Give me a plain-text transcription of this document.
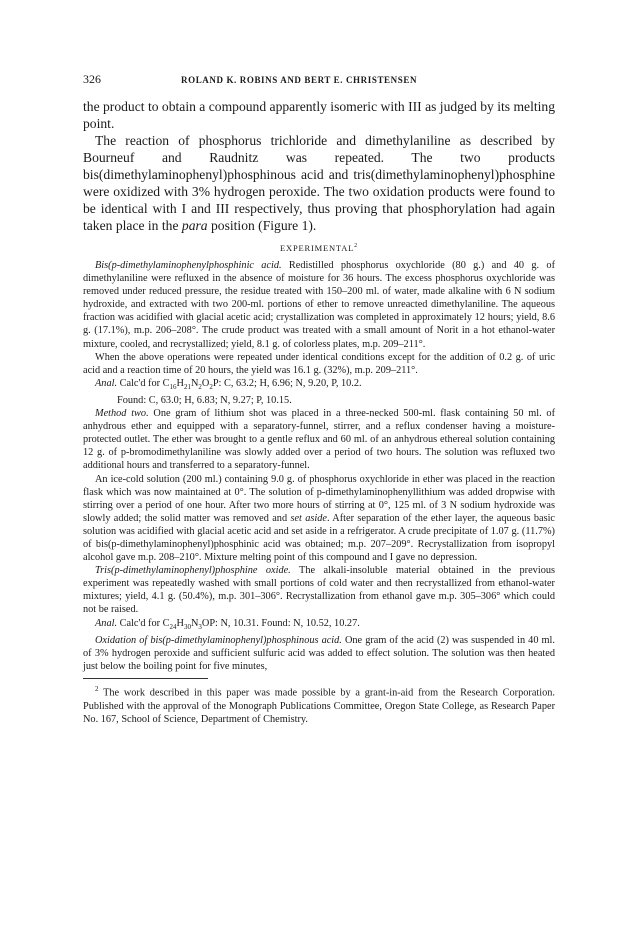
326	ROLAND K. ROBINS AND BERT E. CHRISTENSEN

the product to obtain a compound apparently isomeric with III as judged by its melting point.

The reaction of phosphorus trichloride and dimethylaniline as described by Bourneuf and Raudnitz was repeated. The two products bis(dimethylaminophenyl)phosphinous acid and tris(dimethylaminophenyl)phosphine were oxidized with 3% hydrogen peroxide. The two oxidation products were found to be identical with I and III respectively, thus proving that phosphorylation had again taken place in the para position (Figure 1).

EXPERIMENTAL$^2$

Bis(p-dimethylaminophenylphosphinic acid. Redistilled phosphorus oxychloride (80 g.) and 40 g. of dimethylaniline were refluxed in the absence of moisture for 36 hours. The excess phosphorus oxychloride was removed under reduced pressure, the residue treated with 150–200 ml. of water, made alkaline with 6 N sodium hydroxide, and extracted with two 200-ml. portions of ether to remove unreacted dimethylaniline. The aqueous fraction was acidified with glacial acetic acid; crystallization was completed in approximately 12 hours; yield, 8.6 g. (17.1%), m.p. 206–208°. The crude product was treated with a small amount of Norit in a hot ethanol-water mixture, cooled, and recrystallized; yield, 8.1 g. of colorless plates, m.p. 209–211°.

When the above operations were repeated under identical conditions except for the addition of 0.2 g. of uric acid and a reaction time of 20 hours, the yield was 16.1 g. (32%), m.p. 209–211°.

Anal. Calc'd for $C_{16}H_{21}N_2O_2P$: C, 63.2; H, 6.96; N, 9.20, P, 10.2.

Found: C, 63.0; H, 6.83; N, 9.27; P, 10.15.

Method two. One gram of lithium shot was placed in a three-necked 500-ml. flask containing 50 ml. of anhydrous ether and equipped with a separatory-funnel, stirrer, and a reflux condenser having a moisture-protected outlet. The ether was brought to a gentle reflux and 60 ml. of an anhydrous ethereal solution containing 12 g. of p-bromodimethylaniline was slowly added over a period of two hours. The solution was refluxed two additional hours and transferred to a separatory-funnel.

An ice-cold solution (200 ml.) containing 9.0 g. of phosphorus oxychloride in ether was placed in the reaction flask which was now maintained at 0°. The solution of p-dimethylaminophenyllithium was added dropwise with stirring over a period of one hour. After two more hours of stirring at 0°, 125 ml. of 3 N sodium hydroxide was slowly added; the solid matter was removed and set aside. After separation of the ether layer, the aqueous basic solution was acidified with glacial acetic acid and set aside in a refrigerator. A crude precipitate of 1.07 g. (11.7%) of bis(p-dimethylaminophenyl)phosphinic acid was obtained; m.p. 207–209°. Recrystallization from isopropyl alcohol gave m.p. 208–210°. Mixture melting point of this compound and I gave no depression.

Tris(p-dimethylaminophenyl)phosphine oxide. The alkali-insoluble material obtained in the previous experiment was repeatedly washed with small portions of cold water and then recrystallized from ethanol-water mixtures; yield, 4.1 g. (50.4%), m.p. 301–306°. Recrystallization from ethanol gave m.p. 305–306° which could not be raised.

Anal. Calc'd for $C_{24}H_{30}N_3OP$: N, 10.31. Found: N, 10.52, 10.27.

Oxidation of bis(p-dimethylaminophenyl)phosphinous acid. One gram of the acid (2) was suspended in 40 ml. of 3% hydrogen peroxide and sufficient sulfuric acid was added to effect solution. The solution was then heated just below the boiling point for five minutes,

$^2$ The work described in this paper was made possible by a grant-in-aid from the Research Corporation. Published with the approval of the Monograph Publications Committee, Oregon State College, as Research Paper No. 167, School of Science, Department of Chemistry.
